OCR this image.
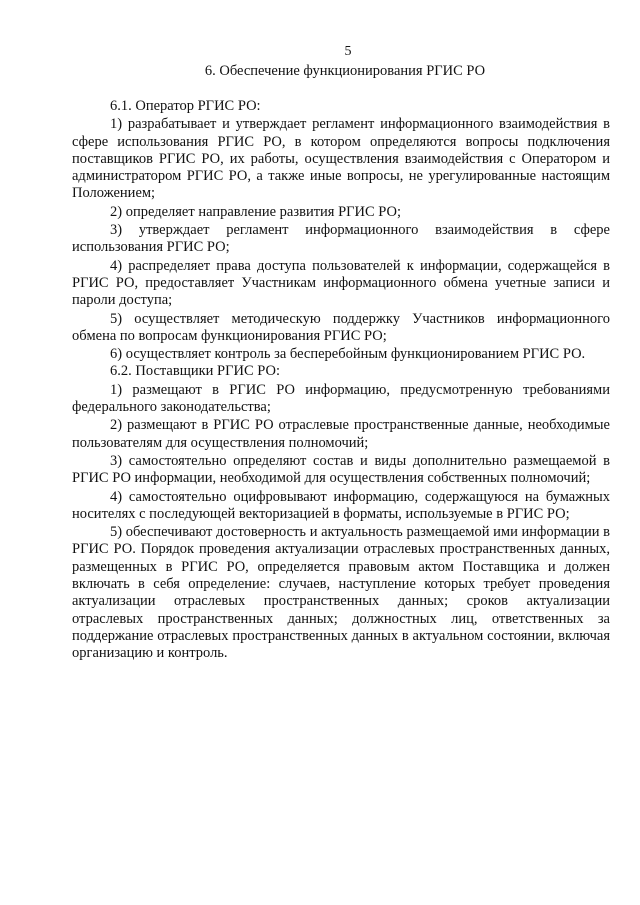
5
6. Обеспечение функционирования РГИС РО

6.1. Оператор РГИС РО:

1) разрабатывает и утверждает регламент информационного взаимодействия в сфере использования РГИС РО, в котором определяются вопросы подключения поставщиков РГИС РО, их работы, осуществления взаимодействия с Оператором и администратором РГИС РО, а также иные вопросы, не урегулированные настоящим Положением;

2) определяет направление развития РГИС РО;

3) утверждает регламент информационного взаимодействия в сфере использования РГИС РО;

4) распределяет права доступа пользователей к информации, содержащейся в РГИС РО, предоставляет Участникам информационного обмена учетные записи и пароли доступа;

5) осуществляет методическую поддержку Участников информационного обмена по вопросам функционирования РГИС РО;

6) осуществляет контроль за бесперебойным функционированием РГИС РО.

6.2. Поставщики РГИС РО:

1) размещают в РГИС РО информацию, предусмотренную требованиями федерального законодательства;

2) размещают в РГИС РО отраслевые пространственные данные, необходимые пользователям для осуществления полномочий;

3) самостоятельно определяют состав и виды дополнительно размещаемой в РГИС РО информации, необходимой для осуществления собственных полномочий;

4) самостоятельно оцифровывают информацию, содержащуюся на бумажных носителях с последующей векторизацией в форматы, используемые в РГИС РО;

5) обеспечивают достоверность и актуальность размещаемой ими информации в РГИС РО. Порядок проведения актуализации отраслевых пространственных данных, размещенных в РГИС РО, определяется правовым актом Поставщика и должен включать в себя определение: случаев, наступление которых требует проведения актуализации отраслевых пространственных данных; сроков актуализации отраслевых пространственных данных; должностных лиц, ответственных за поддержание отраслевых пространственных данных в актуальном состоянии, включая организацию и контроль.
